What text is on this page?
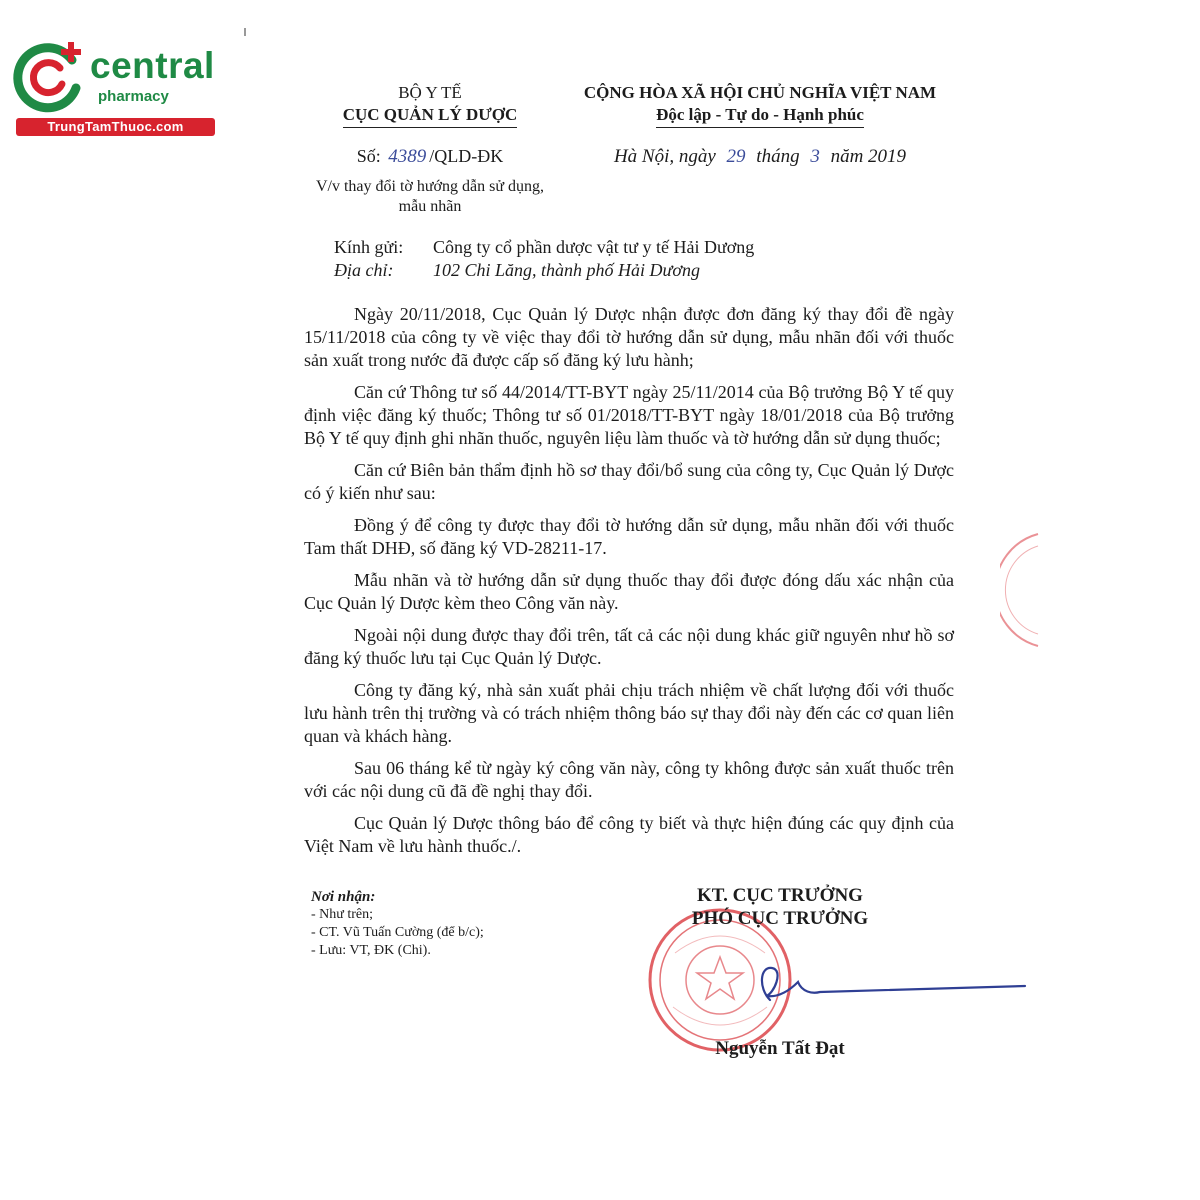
central
pharmacy
TrungTamThuoc.com
BỘ Y TẾ
CỤC QUẢN LÝ DƯỢC
Số: 4389 /QLD-ĐK
V/v thay đổi tờ hướng dẫn sử dụng,
mẫu nhãn
CỘNG HÒA XÃ HỘI CHỦ NGHĨA VIỆT NAM
Độc lập - Tự do - Hạnh phúc
Hà Nội, ngày 29 tháng 3 năm 2019
Kính gửi: Công ty cổ phần dược vật tư y tế Hải Dương
Địa chỉ: 102 Chi Lăng, thành phố Hải Dương

Ngày 20/11/2018, Cục Quản lý Dược nhận được đơn đăng ký thay đổi đề ngày 15/11/2018 của công ty về việc thay đổi tờ hướng dẫn sử dụng, mẫu nhãn đối với thuốc sản xuất trong nước đã được cấp số đăng ký lưu hành;

Căn cứ Thông tư số 44/2014/TT-BYT ngày 25/11/2014 của Bộ trưởng Bộ Y tế quy định việc đăng ký thuốc; Thông tư số 01/2018/TT-BYT ngày 18/01/2018 của Bộ trưởng Bộ Y tế quy định ghi nhãn thuốc, nguyên liệu làm thuốc và tờ hướng dẫn sử dụng thuốc;

Căn cứ Biên bản thẩm định hồ sơ thay đổi/bổ sung của công ty, Cục Quản lý Dược có ý kiến như sau:

Đồng ý để công ty được thay đổi tờ hướng dẫn sử dụng, mẫu nhãn đối với thuốc Tam thất DHĐ, số đăng ký VD-28211-17.

Mẫu nhãn và tờ hướng dẫn sử dụng thuốc thay đổi được đóng dấu xác nhận của Cục Quản lý Dược kèm theo Công văn này.

Ngoài nội dung được thay đổi trên, tất cả các nội dung khác giữ nguyên như hồ sơ đăng ký thuốc lưu tại Cục Quản lý Dược.

Công ty đăng ký, nhà sản xuất phải chịu trách nhiệm về chất lượng đối với thuốc lưu hành trên thị trường và có trách nhiệm thông báo sự thay đổi này đến các cơ quan liên quan và khách hàng.

Sau 06 tháng kể từ ngày ký công văn này, công ty không được sản xuất thuốc trên với các nội dung cũ đã đề nghị thay đổi.

Cục Quản lý Dược thông báo để công ty biết và thực hiện đúng các quy định của Việt Nam về lưu hành thuốc./.

Nơi nhận:
- Như trên;
- CT. Vũ Tuấn Cường (để b/c);
- Lưu: VT, ĐK (Chi).
KT. CỤC TRƯỞNG
PHÓ CỤC TRƯỞNG
Nguyễn Tất Đạt
